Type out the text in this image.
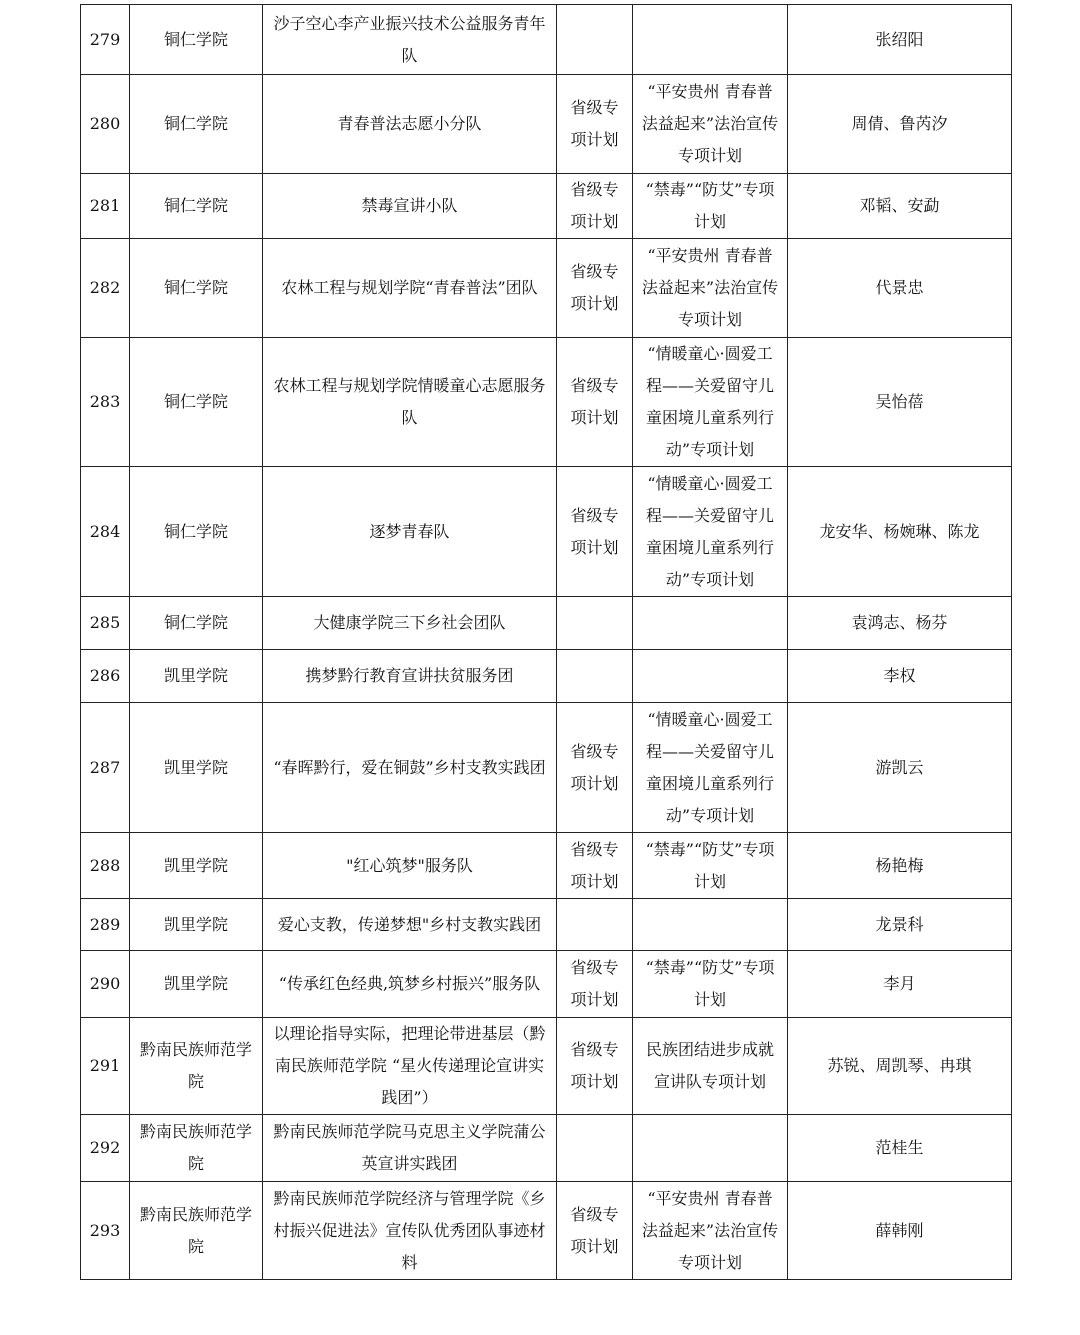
279	铜仁学院	沙子空心李产业振兴技术公益服务青年队			张绍阳
280	铜仁学院	青春普法志愿小分队	省级专项计划	“平安贵州 青春普法益起来”法治宣传专项计划	周倩、鲁芮汐
281	铜仁学院	禁毒宣讲小队	省级专项计划	“禁毒”“防艾”专项计划	邓韬、安勐
282	铜仁学院	农林工程与规划学院“青春普法”团队	省级专项计划	“平安贵州 青春普法益起来”法治宣传专项计划	代景忠
283	铜仁学院	农林工程与规划学院情暖童心志愿服务队	省级专项计划	“情暖童心·圆爱工程——关爱留守儿童困境儿童系列行动”专项计划	吴怡蓓
284	铜仁学院	逐梦青春队	省级专项计划	“情暖童心·圆爱工程——关爱留守儿童困境儿童系列行动”专项计划	龙安华、杨婉琳、陈龙
285	铜仁学院	大健康学院三下乡社会团队			袁鸿志、杨芬
286	凯里学院	携梦黔行教育宣讲扶贫服务团			李权
287	凯里学院	“春晖黔行，爱在铜鼓”乡村支教实践团	省级专项计划	“情暖童心·圆爱工程——关爱留守儿童困境儿童系列行动”专项计划	游凯云
288	凯里学院	"红心筑梦"服务队	省级专项计划	“禁毒”“防艾”专项计划	杨艳梅
289	凯里学院	爱心支教，传递梦想"乡村支教实践团			龙景科
290	凯里学院	“传承红色经典,筑梦乡村振兴”服务队	省级专项计划	“禁毒”“防艾”专项计划	李月
291	黔南民族师范学院	以理论指导实际，把理论带进基层（黔南民族师范学院 “星火传递理论宣讲实践团”）	省级专项计划	民族团结进步成就宣讲队专项计划	苏锐、周凯琴、冉琪
292	黔南民族师范学院	黔南民族师范学院马克思主义学院蒲公英宣讲实践团			范桂生
293	黔南民族师范学院	黔南民族师范学院经济与管理学院《乡村振兴促进法》宣传队优秀团队事迹材料	省级专项计划	“平安贵州 青春普法益起来”法治宣传专项计划	薛韩刚
